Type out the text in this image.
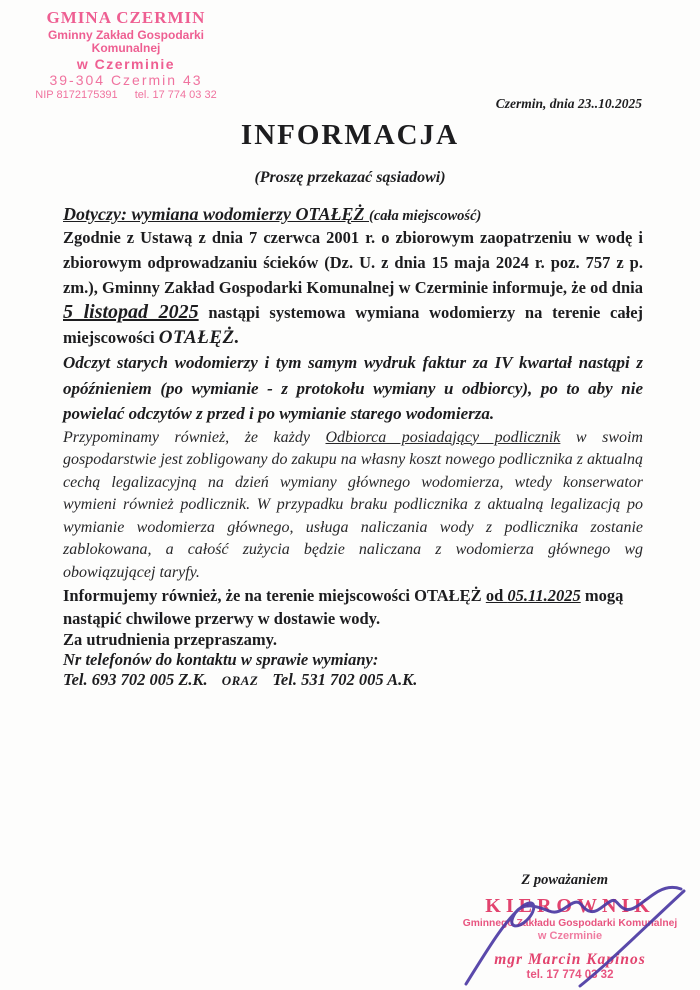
GMINA CZERMIN
Gminny Zakład Gospodarki Komunalnej
w Czerminie
39-304 Czermin 43
NIP 8172175391 tel. 17 774 03 32
Czermin, dnia 23..10.2025
INFORMACJA
(Proszę przekazać sąsiadowi)

Dotyczy: wymiana wodomierzy OTAŁĘŻ (cała miejscowość)

Zgodnie z Ustawą z dnia 7 czerwca 2001 r. o zbiorowym zaopatrzeniu w wodę i zbiorowym odprowadzaniu ścieków (Dz. U. z dnia 15 maja 2024 r. poz. 757 z p. zm.), Gminny Zakład Gospodarki Komunalnej w Czerminie informuje, że od dnia 5 listopad 2025 nastąpi systemowa wymiana wodomierzy na terenie całej miejscowości OTAŁĘŻ.

Odczyt starych wodomierzy i tym samym wydruk faktur za IV kwartał nastąpi z opóźnieniem (po wymianie - z protokołu wymiany u odbiorcy), po to aby nie powielać odczytów z przed i po wymianie starego wodomierza.

Przypominamy również, że każdy Odbiorca posiadający podlicznik w swoim gospodarstwie jest zobligowany do zakupu na własny koszt nowego podlicznika z aktualną cechą legalizacyjną na dzień wymiany głównego wodomierza, wtedy konserwator wymieni również podlicznik. W przypadku braku podlicznika z aktualną legalizacją po wymianie wodomierza głównego, usługa naliczania wody z podlicznika zostanie zablokowana, a całość zużycia będzie naliczana z wodomierza głównego wg obowiązującej taryfy.

Informujemy również, że na terenie miejscowości OTAŁĘŻ od 05.11.2025 mogą nastąpić chwilowe przerwy w dostawie wody.

Za utrudnienia przepraszamy.

Nr telefonów do kontaktu w sprawie wymiany:

Tel. 693 702 005 Z.K. ORAZ Tel. 531 702 005 A.K.

Z poważaniem
KIEROWNIK
Gminnego Zakładu Gospodarki Komunalnej
w Czerminie
mgr Marcin Kapinos
tel. 17 774 03 32
